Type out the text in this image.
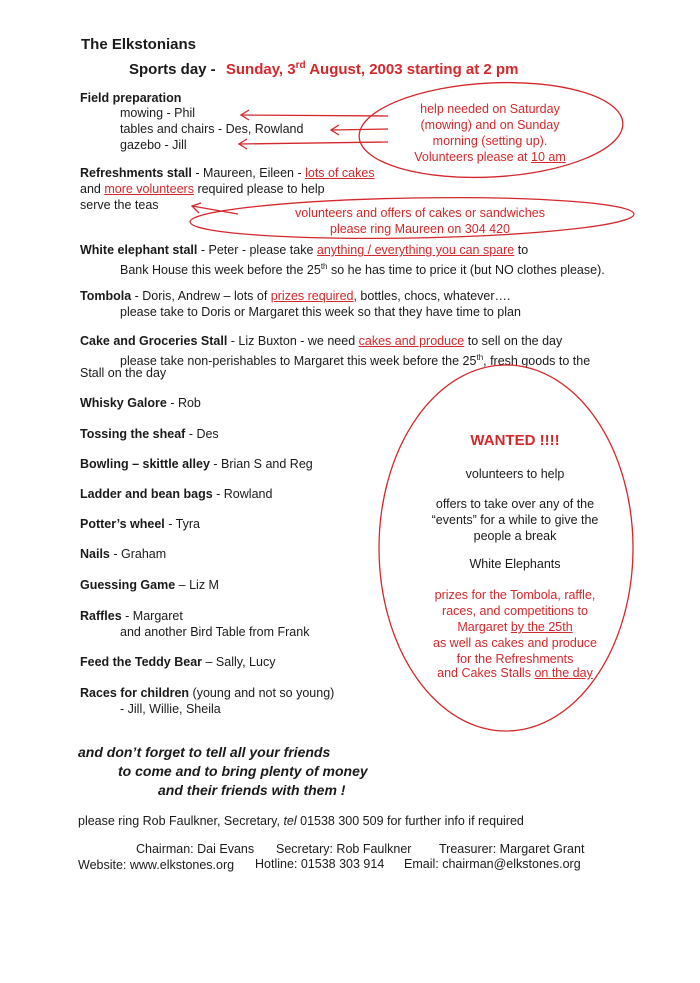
The Elkstonians
Sports day - Sunday, 3rd August, 2003 starting at 2 pm
Field preparation
mowing - Phil
tables and chairs - Des, Rowland
gazebo - Jill
help needed on Saturday
(mowing) and on Sunday
morning (setting up).
Volunteers please at 10 am
Refreshments stall - Maureen, Eileen - lots of cakes
and more volunteers required please to help
serve the teas
volunteers and offers of cakes or sandwiches
please ring Maureen on 304 420
White elephant stall - Peter - please take anything / everything you can spare to
Bank House this week before the 25th so he has time to price it (but NO clothes please).
Tombola - Doris, Andrew – lots of prizes required, bottles, chocs, whatever….
please take to Doris or Margaret this week so that they have time to plan
Cake and Groceries Stall - Liz Buxton - we need cakes and produce to sell on the day
please take non-perishables to Margaret this week before the 25th, fresh goods to the
Stall on the day
Whisky Galore - Rob
Tossing the sheaf - Des
Bowling – skittle alley - Brian S and Reg
Ladder and bean bags - Rowland
Potter’s wheel - Tyra
Nails - Graham
Guessing Game – Liz M
Raffles - Margaret
and another Bird Table from Frank
Feed the Teddy Bear – Sally, Lucy
Races for children (young and not so young)
- Jill, Willie, Sheila
WANTED !!!!
volunteers to help
offers to take over any of the
“events” for a while to give the
people a break
White Elephants
prizes for the Tombola, raffle,
races, and competitions to
Margaret by the 25th
as well as cakes and produce
for the Refreshments
and Cakes Stalls on the day
and don’t forget to tell all your friends
to come and to bring plenty of money
and their friends with them !
please ring Rob Faulkner, Secretary, tel 01538 300 509 for further info if required
Chairman: Dai Evans Secretary: Rob Faulkner Treasurer: Margaret Grant
Website: www.elkstones.org Hotline: 01538 303 914 Email: chairman@elkstones.org
